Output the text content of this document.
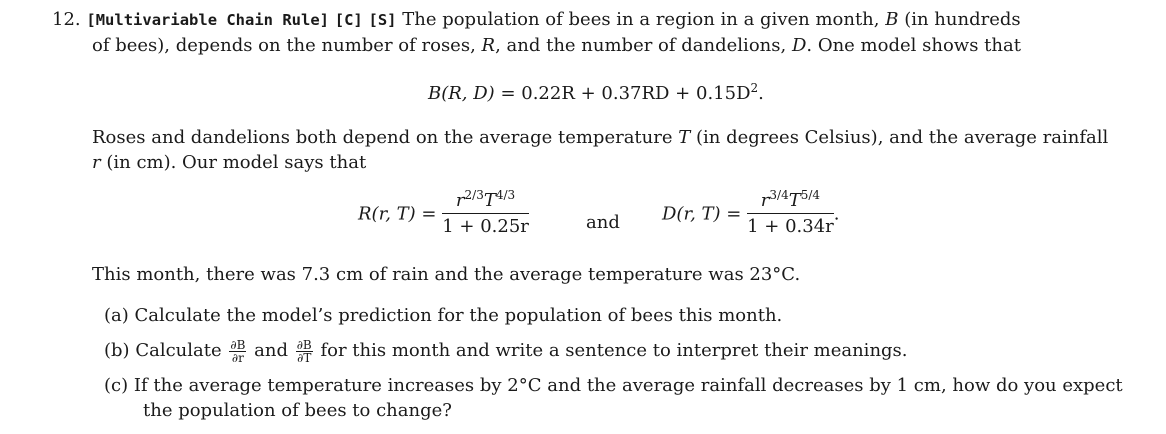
12. [Multivariable Chain Rule] [C] [S] The population of bees in a region in a given month, B (in hundreds
of bees), depends on the number of roses, R, and the number of dandelions, D. One model shows that
B(R, $D) = 0.22R + 0.37RD + 0.15D^2$.
Roses and dandelions both depend on the average temperature T (in degrees Celsius), and the average rainfall
r (in cm). Our model says that
R(r, $T) = \frac{r^{2/3}T^{4/3}}{1 + 0.25r}$	and D(r, $T) = \frac{r^{3/4}T^{5/4}}{1 + 0.34r}$ .
This month, there was 7.3 cm of rain and the average temperature was 23°C.
(a) Calculate the model’s prediction for the population of bees this month.
(b) Calculate $\frac{\partial B}{\partial r}$ and $\frac{\partial B}{\partial T}$ for this month and write a sentence to interpret their meanings.
(c) If the average temperature increases by 2°C and the average rainfall decreases by 1 cm, how do you expect
the population of bees to change?
